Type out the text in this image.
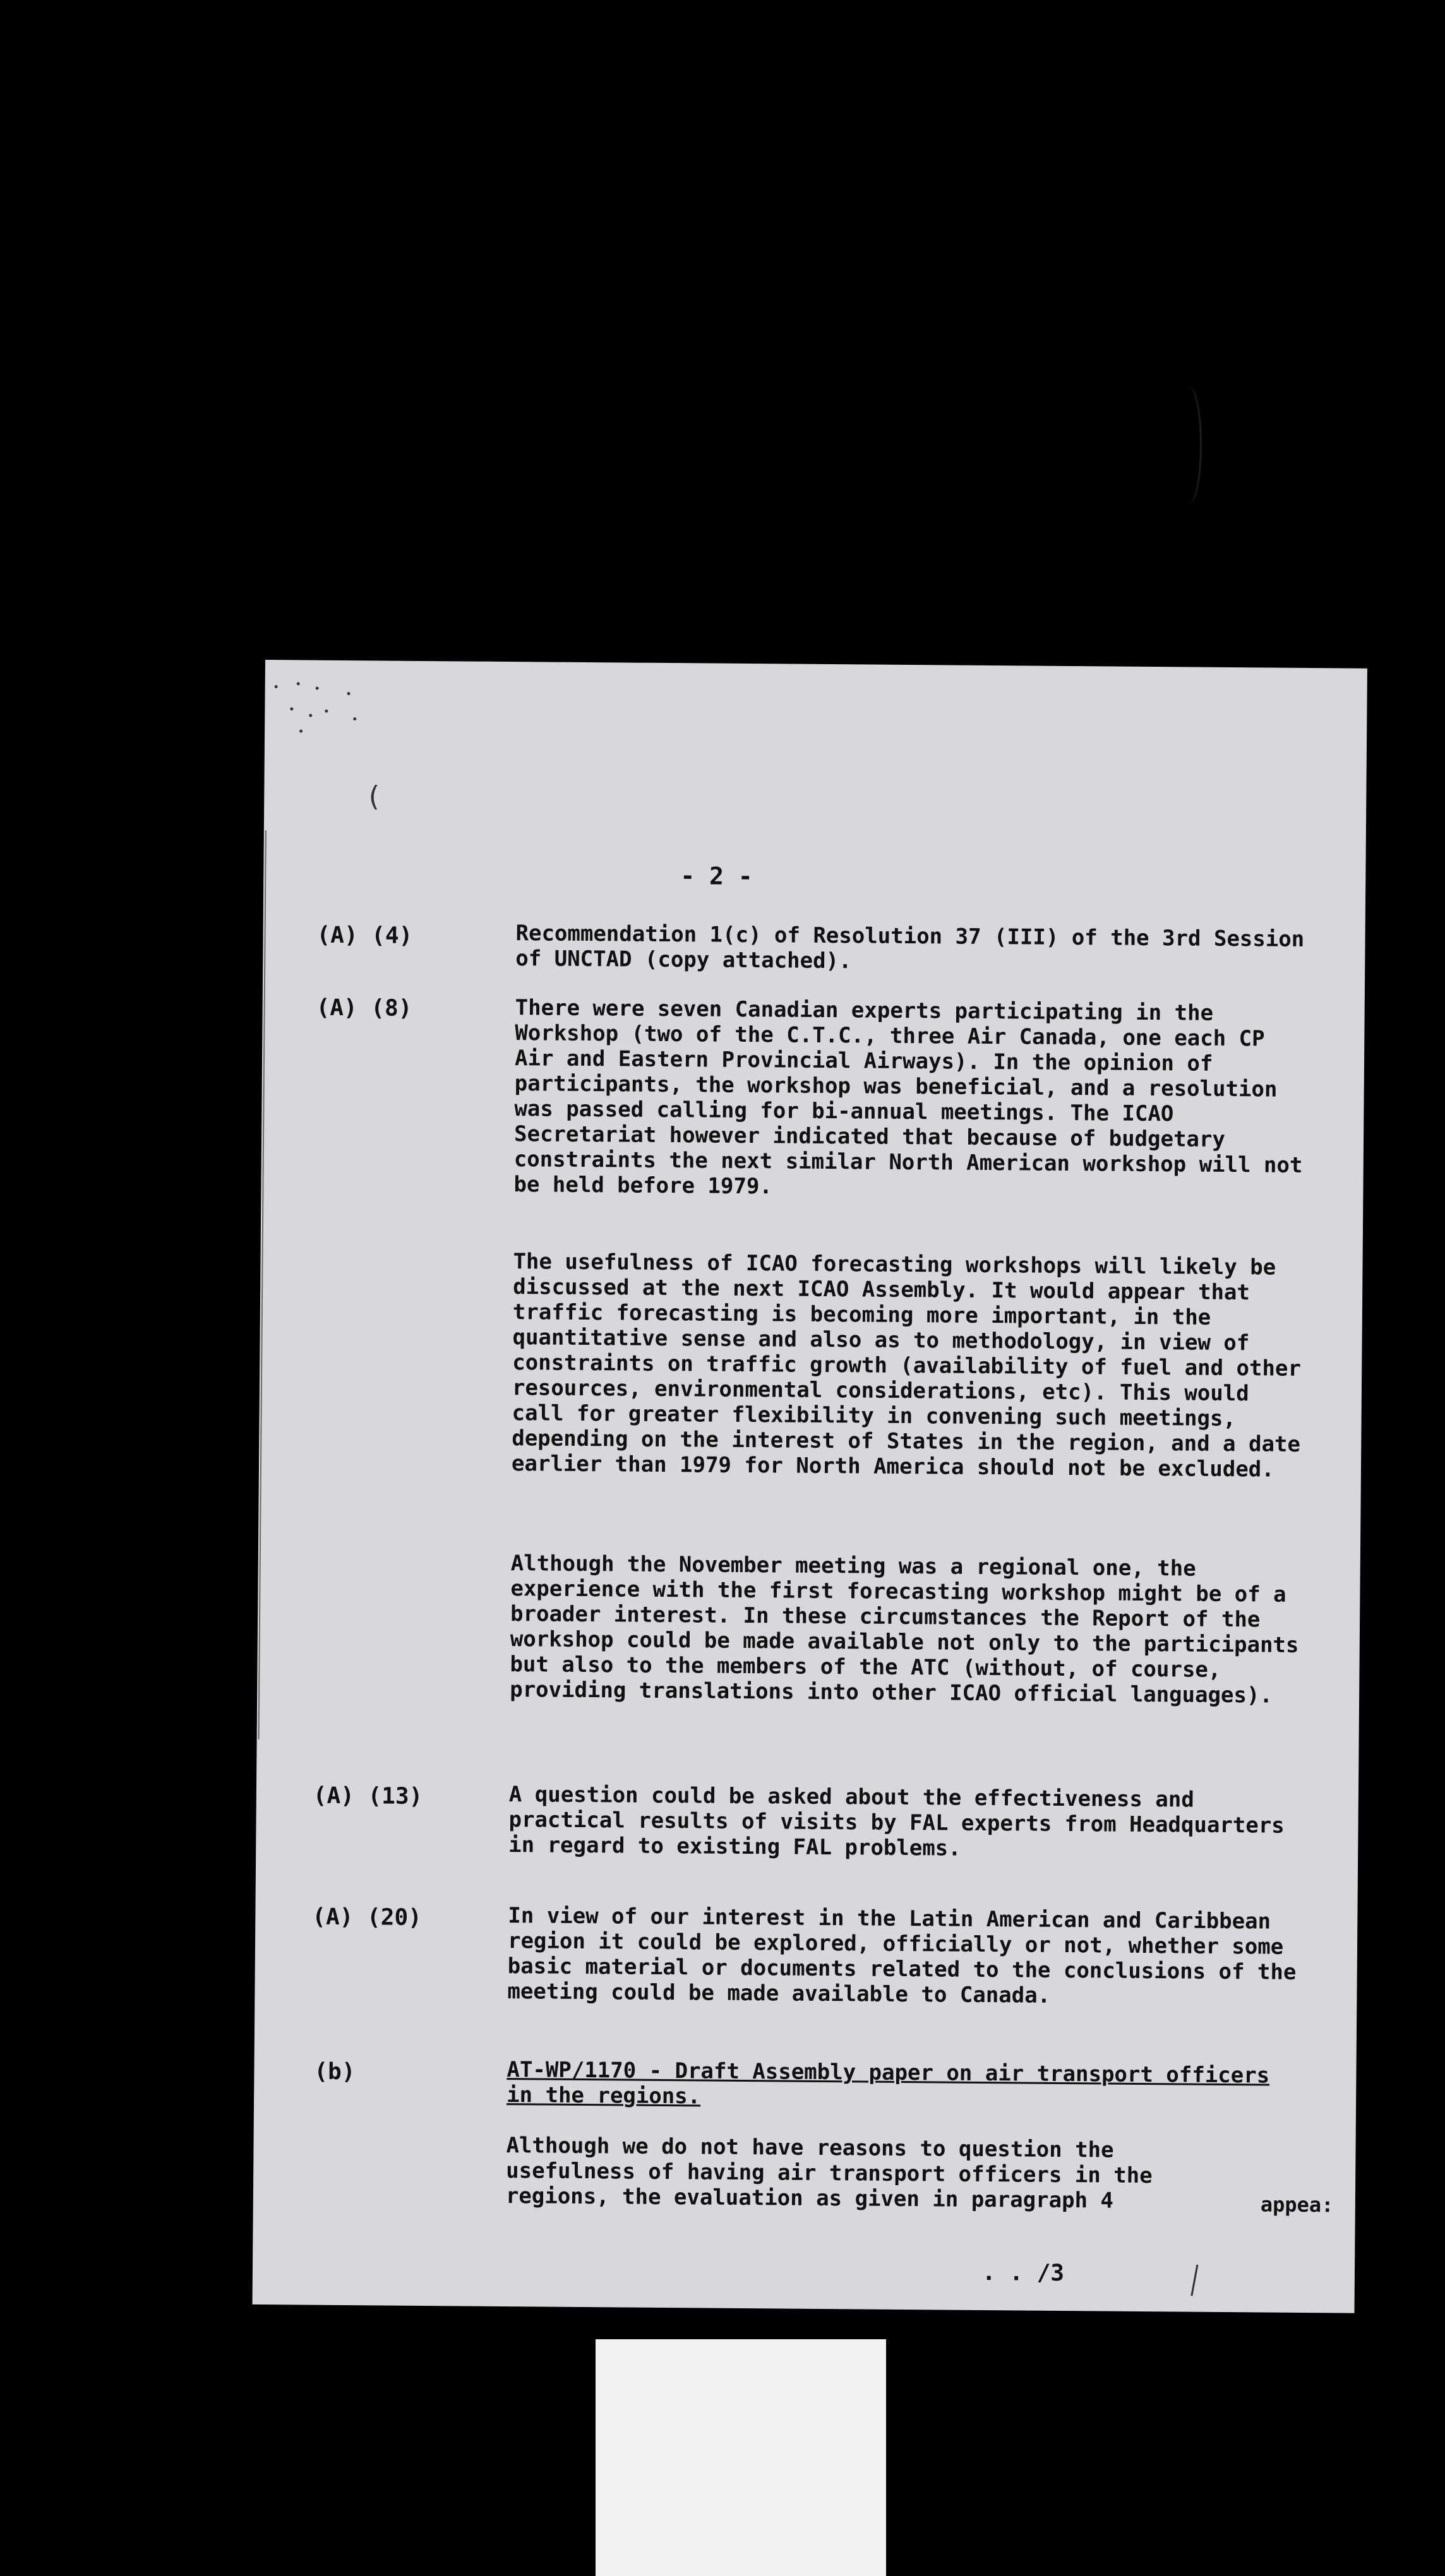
(
- 2 -
(A) (4)	Recommendation 1(c) of Resolution 37 (III) of the 3rd Session of UNCTAD (copy attached).

(A) (8)	There were seven Canadian experts participating in the Workshop (two of the C.T.C., three Air Canada, one each CP Air and Eastern Provincial Airways). In the opinion of participants, the workshop was beneficial, and a resolution was passed calling for bi-annual meetings. The ICAO Secretariat however indicated that because of budgetary constraints the next similar North American workshop will not be held before 1979.

The usefulness of ICAO forecasting workshops will likely be discussed at the next ICAO Assembly. It would appear that traffic forecasting is becoming more important, in the quantitative sense and also as to methodology, in view of constraints on traffic growth (availability of fuel and other resources, environmental considerations, etc). This would call for greater flexibility in convening such meetings, depending on the interest of States in the region, and a date earlier than 1979 for North America should not be excluded.

Although the November meeting was a regional one, the experience with the first forecasting workshop might be of a broader interest. In these circumstances the Report of the workshop could be made available not only to the participants but also to the members of the ATC (without, of course, providing translations into other ICAO official languages).

(A) (13)	A question could be asked about the effectiveness and practical results of visits by FAL experts from Headquarters in regard to existing FAL problems.

(A) (20)	In view of our interest in the Latin American and Caribbean region it could be explored, officially or not, whether some basic material or documents related to the conclusions of the meeting could be made available to Canada.

(b)	AT-WP/1170 - Draft Assembly paper on air transport officers in the regions.

Although we do not have reasons to question the usefulness of having air transport officers in the regions, the evaluation as given in paragraph 4	appea:
. . /3
